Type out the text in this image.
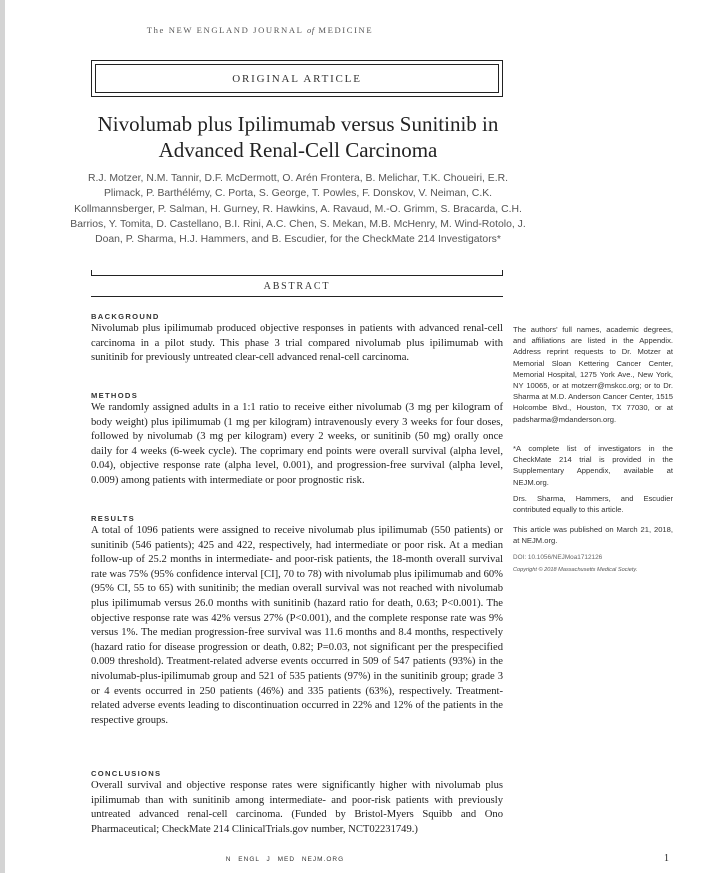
The NEW ENGLAND JOURNAL of MEDICINE
ORIGINAL ARTICLE
Nivolumab plus Ipilimumab versus Sunitinib in Advanced Renal-Cell Carcinoma
R.J. Motzer, N.M. Tannir, D.F. McDermott, O. Arén Frontera, B. Melichar, T.K. Choueiri, E.R. Plimack, P. Barthélémy, C. Porta, S. George, T. Powles, F. Donskov, V. Neiman, C.K. Kollmannsberger, P. Salman, H. Gurney, R. Hawkins, A. Ravaud, M.-O. Grimm, S. Bracarda, C.H. Barrios, Y. Tomita, D. Castellano, B.I. Rini, A.C. Chen, S. Mekan, M.B. McHenry, M. Wind-Rotolo, J. Doan, P. Sharma, H.J. Hammers, and B. Escudier, for the CheckMate 214 Investigators*
ABSTRACT
BACKGROUND
Nivolumab plus ipilimumab produced objective responses in patients with advanced renal-cell carcinoma in a pilot study. This phase 3 trial compared nivolumab plus ipilimumab with sunitinib for previously untreated clear-cell advanced renal-cell carcinoma.
METHODS
We randomly assigned adults in a 1:1 ratio to receive either nivolumab (3 mg per kilogram of body weight) plus ipilimumab (1 mg per kilogram) intravenously every 3 weeks for four doses, followed by nivolumab (3 mg per kilogram) every 2 weeks, or sunitinib (50 mg) orally once daily for 4 weeks (6-week cycle). The coprimary end points were overall survival (alpha level, 0.04), objective response rate (alpha level, 0.001), and progression-free survival (alpha level, 0.009) among patients with intermediate or poor prognostic risk.
RESULTS
A total of 1096 patients were assigned to receive nivolumab plus ipilimumab (550 patients) or sunitinib (546 patients); 425 and 422, respectively, had intermediate or poor risk. At a median follow-up of 25.2 months in intermediate- and poor-risk patients, the 18-month overall survival rate was 75% (95% confidence interval [CI], 70 to 78) with nivolumab plus ipilimumab and 60% (95% CI, 55 to 65) with sunitinib; the median overall survival was not reached with nivolumab plus ipilimumab versus 26.0 months with sunitinib (hazard ratio for death, 0.63; P<0.001). The objective response rate was 42% versus 27% (P<0.001), and the complete response rate was 9% versus 1%. The median progression-free survival was 11.6 months and 8.4 months, respectively (hazard ratio for disease progression or death, 0.82; P=0.03, not significant per the prespecified 0.009 threshold). Treatment-related adverse events occurred in 509 of 547 patients (93%) in the nivolumab-plus-ipilimumab group and 521 of 535 patients (97%) in the sunitinib group; grade 3 or 4 events occurred in 250 patients (46%) and 335 patients (63%), respectively. Treatment-related adverse events leading to discontinuation occurred in 22% and 12% of the patients in the respective groups.
CONCLUSIONS
Overall survival and objective response rates were significantly higher with nivolumab plus ipilimumab than with sunitinib among intermediate- and poor-risk patients with previously untreated advanced renal-cell carcinoma. (Funded by Bristol-Myers Squibb and Ono Pharmaceutical; CheckMate 214 ClinicalTrials.gov number, NCT02231749.)
The authors' full names, academic degrees, and affiliations are listed in the Appendix. Address reprint requests to Dr. Motzer at Memorial Sloan Kettering Cancer Center, Memorial Hospital, 1275 York Ave., New York, NY 10065, or at motzerr@mskcc.org; or to Dr. Sharma at M.D. Anderson Cancer Center, 1515 Holcombe Blvd., Houston, TX 77030, or at padsharma@mdanderson.org.
*A complete list of investigators in the CheckMate 214 trial is provided in the Supplementary Appendix, available at NEJM.org.
Drs. Sharma, Hammers, and Escudier contributed equally to this article.
This article was published on March 21, 2018, at NEJM.org.
DOI: 10.1056/NEJMoa1712126
Copyright © 2018 Massachusetts Medical Society.
N ENGL J MED NEJM.ORG	1
